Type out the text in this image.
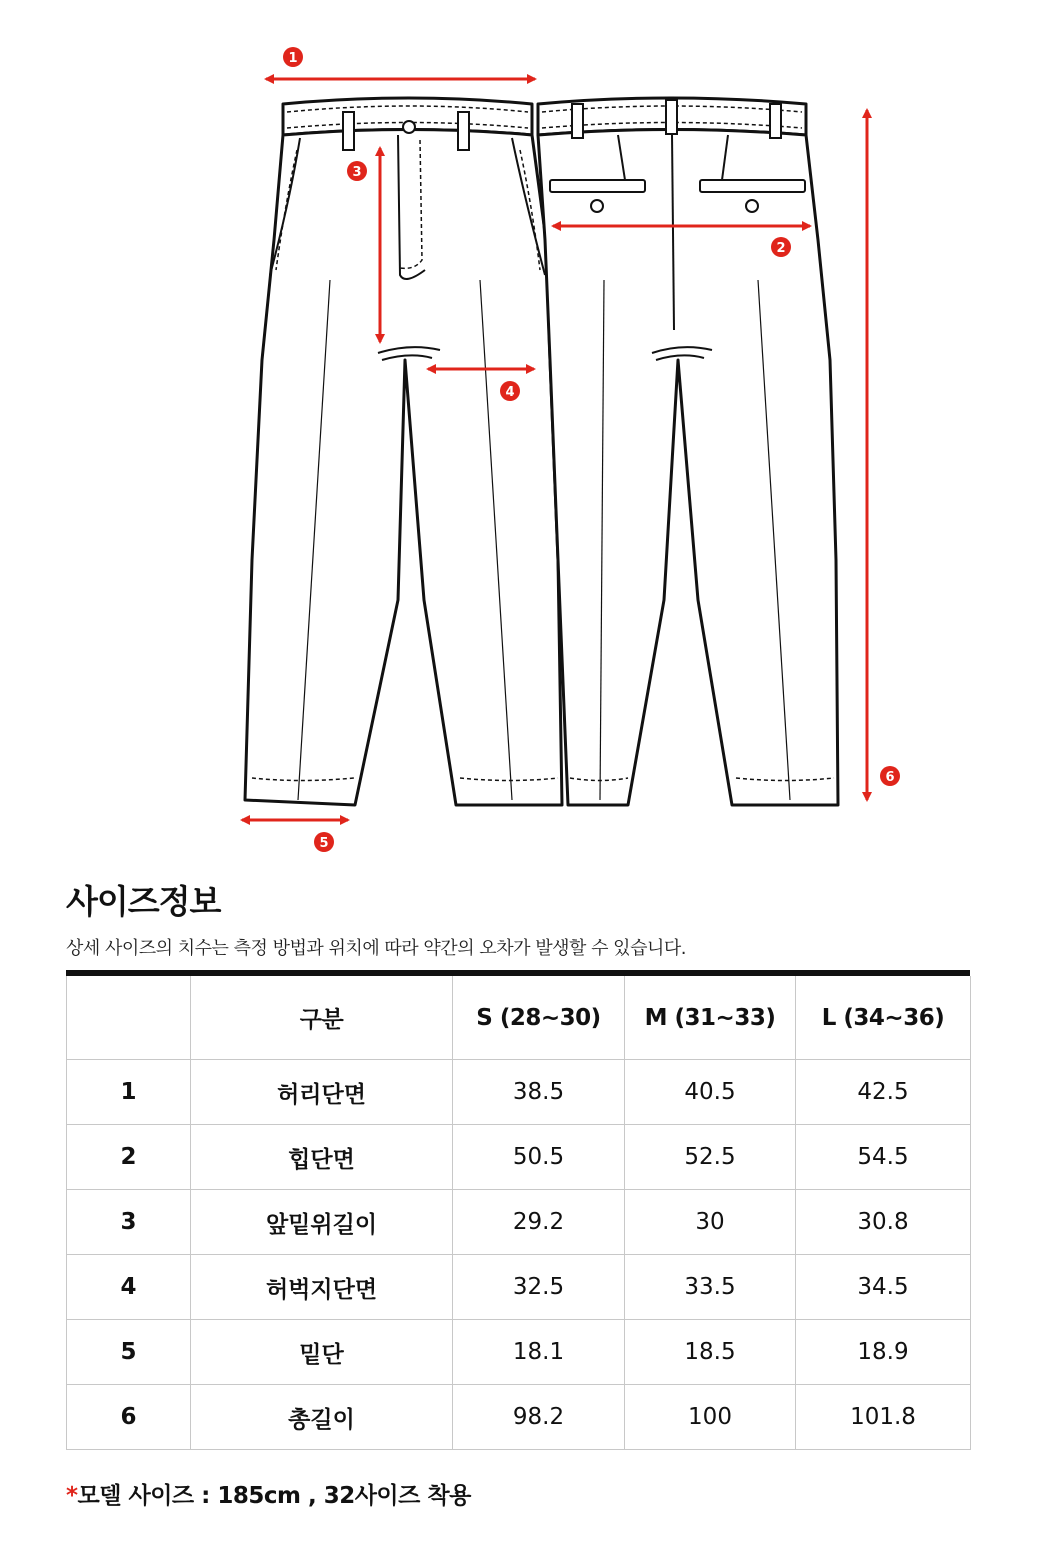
1
2
3
4
5
6
사이즈정보
상세 사이즈의 치수는 측정 방법과 위치에 따라 약간의 오차가 발생할 수 있습니다.
	구분	S (28~30)	M (31~33)	L (34~36)
1	허리단면	38.5	40.5	42.5
2	힙단면	50.5	52.5	54.5
3	앞밑위길이	29.2	30	30.8
4	허벅지단면	32.5	33.5	34.5
5	밑단	18.1	18.5	18.9
6	총길이	98.2	100	101.8
*모델 사이즈 : 185cm , 32사이즈 착용
